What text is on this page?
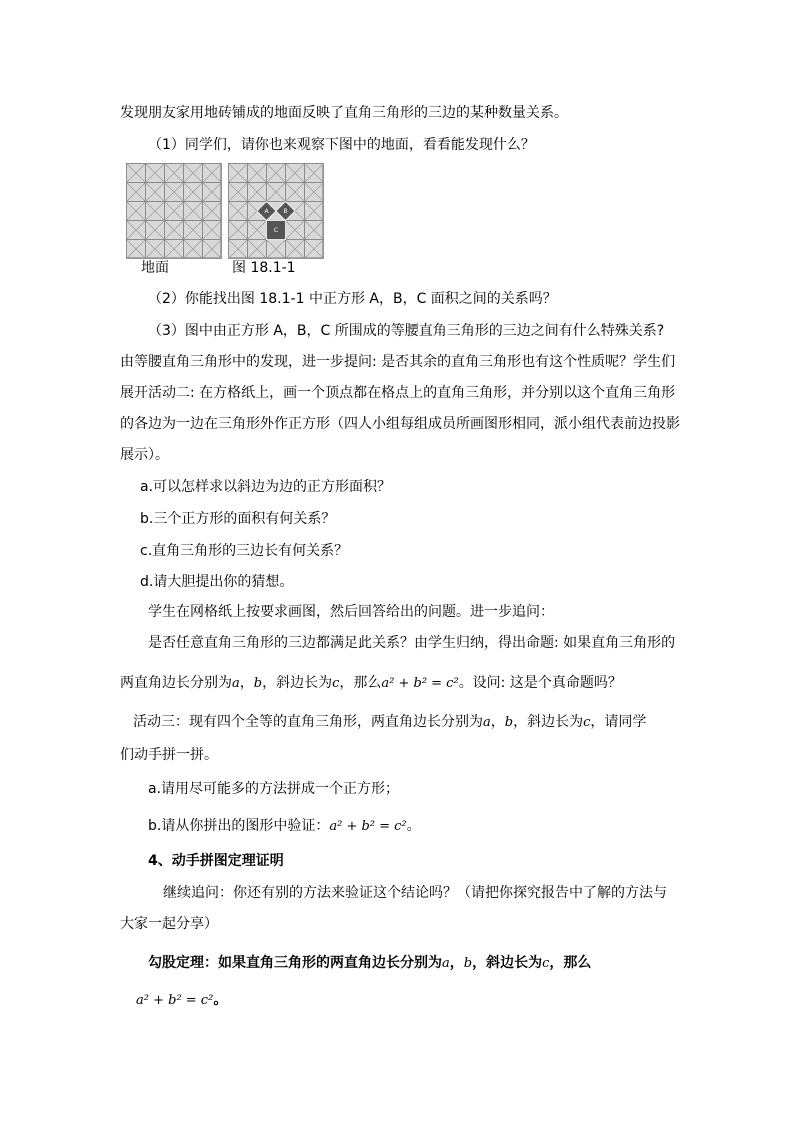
发现朋友家用地砖铺成的地面反映了直角三角形的三边的某种数量关系。
（1）同学们，请你也来观察下图中的地面，看看能发现什么？
A B
C
地面	图 18.1-1
（2）你能找出图 18.1-1 中正方形 A，B，C 面积之间的关系吗？
（3）图中由正方形 A，B，C 所围成的等腰直角三角形的三边之间有什么特殊关系?
由等腰直角三角形中的发现，进一步提问: 是否其余的直角三角形也有这个性质呢？学生们
展开活动二: 在方格纸上，画一个顶点都在格点上的直角三角形，并分别以这个直角三角形
的各边为一边在三角形外作正方形（四人小组每组成员所画图形相同，派小组代表前边投影
展示）。
a.可以怎样求以斜边为边的正方形面积？
b.三个正方形的面积有何关系？
c.直角三角形的三边长有何关系？
d.请大胆提出你的猜想。
学生在网格纸上按要求画图，然后回答给出的问题。进一步追问：
是否任意直角三角形的三边都满足此关系？由学生归纳，得出命题: 如果直角三角形的
两直角边长分别为a，b，斜边长为c，那么a² + b² = c²。设问: 这是个真命题吗？
活动三：现有四个全等的直角三角形，两直角边长分别为a，b，斜边长为c，请同学
们动手拼一拼。
a.请用尽可能多的方法拼成一个正方形；
b.请从你拼出的图形中验证：a² + b² = c²。
4、动手拼图定理证明
继续追问：你还有别的方法来验证这个结论吗？（请把你探究报告中了解的方法与
大家一起分享）
勾股定理：如果直角三角形的两直角边长分别为a，b，斜边长为c，那么
a² + b² = c²。
